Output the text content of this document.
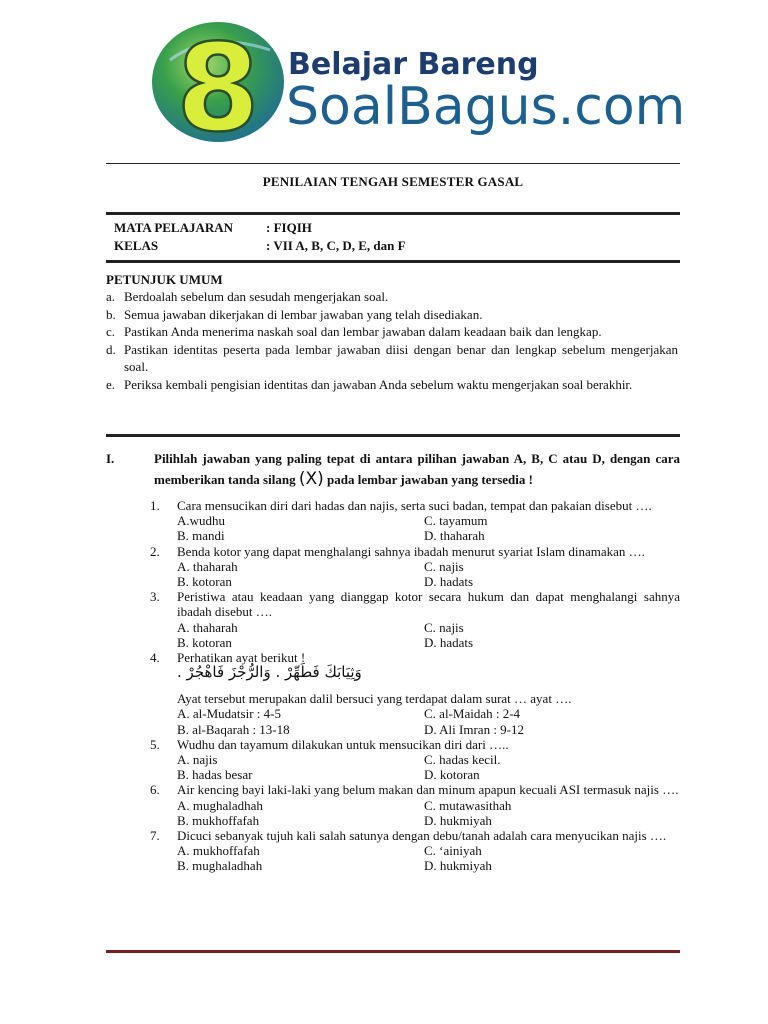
8 Belajar Bareng
SoalBagus.com
PENILAIAN TENGAH SEMESTER GASAL
MATA PELAJARAN	: FIQIH
KELAS	: VII A, B, C, D, E, dan F
PETUNJUK UMUM
a. Berdoalah sebelum dan sesudah mengerjakan soal.
b. Semua jawaban dikerjakan di lembar jawaban yang telah disediakan.
c. Pastikan Anda menerima naskah soal dan lembar jawaban dalam keadaan baik dan lengkap.
d. Pastikan identitas peserta pada lembar jawaban diisi dengan benar dan lengkap sebelum mengerjakan soal.
e. Periksa kembali pengisian identitas dan jawaban Anda sebelum waktu mengerjakan soal berakhir.
I.	Pilihlah jawaban yang paling tepat di antara pilihan jawaban A, B, C atau D, dengan cara memberikan tanda silang (X) pada lembar jawaban yang tersedia !
1.	Cara mensucikan diri dari hadas dan najis, serta suci badan, tempat dan pakaian disebut ….
A.wudhu	C. tayamum
B. mandi	D. thaharah
2.	Benda kotor yang dapat menghalangi sahnya ibadah menurut syariat Islam dinamakan ….
A. thaharah	C. najis
B. kotoran	D. hadats
3.	Peristiwa atau keadaan yang dianggap kotor secara hukum dan dapat menghalangi sahnya ibadah disebut ….
A. thaharah	C. najis
B. kotoran	D. hadats
4.	Perhatikan ayat berikut !
وَثِيَابَكَ فَطَهِّرْ . وَالرُّجْزَ فَاهْجُرْ .
Ayat tersebut merupakan dalil bersuci yang terdapat dalam surat … ayat ….
A. al-Mudatsir : 4-5	C. al-Maidah : 2-4
B. al-Baqarah : 13-18	D. Ali Imran : 9-12
5.	Wudhu dan tayamum dilakukan untuk mensucikan diri dari …..
A. najis	C. hadas kecil.
B. hadas besar	D. kotoran
6.	Air kencing bayi laki-laki yang belum makan dan minum apapun kecuali ASI termasuk najis ….
A. mughaladhah	C. mutawasithah
B. mukhoffafah	D. hukmiyah
7.	Dicuci sebanyak tujuh kali salah satunya dengan debu/tanah adalah cara menyucikan najis ….
A. mukhoffafah	C. ‘ainiyah
B. mughaladhah	D. hukmiyah
